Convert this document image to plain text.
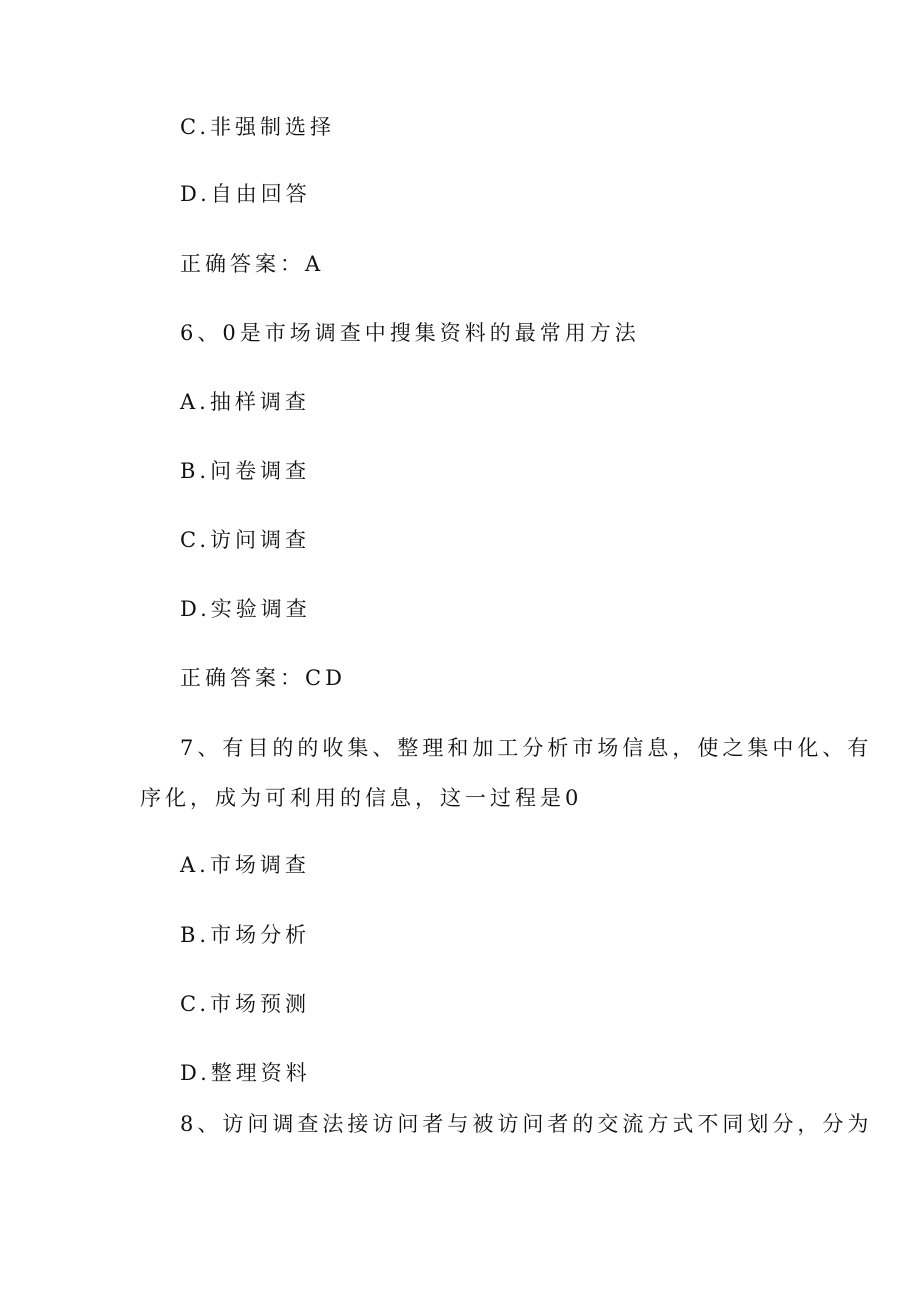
C.非强制选择
D.自由回答
正确答案：A
6、0是市场调查中搜集资料的最常用方法
A.抽样调查
B.问卷调查
C.访问调查
D.实验调查
正确答案：CD
7、有目的的收集、整理和加工分析市场信息，使之集中化、有
序化，成为可利用的信息，这一过程是0
A.市场调查
B.市场分析
C.市场预测
D.整理资料
8、访问调查法接访问者与被访问者的交流方式不同划分，分为
